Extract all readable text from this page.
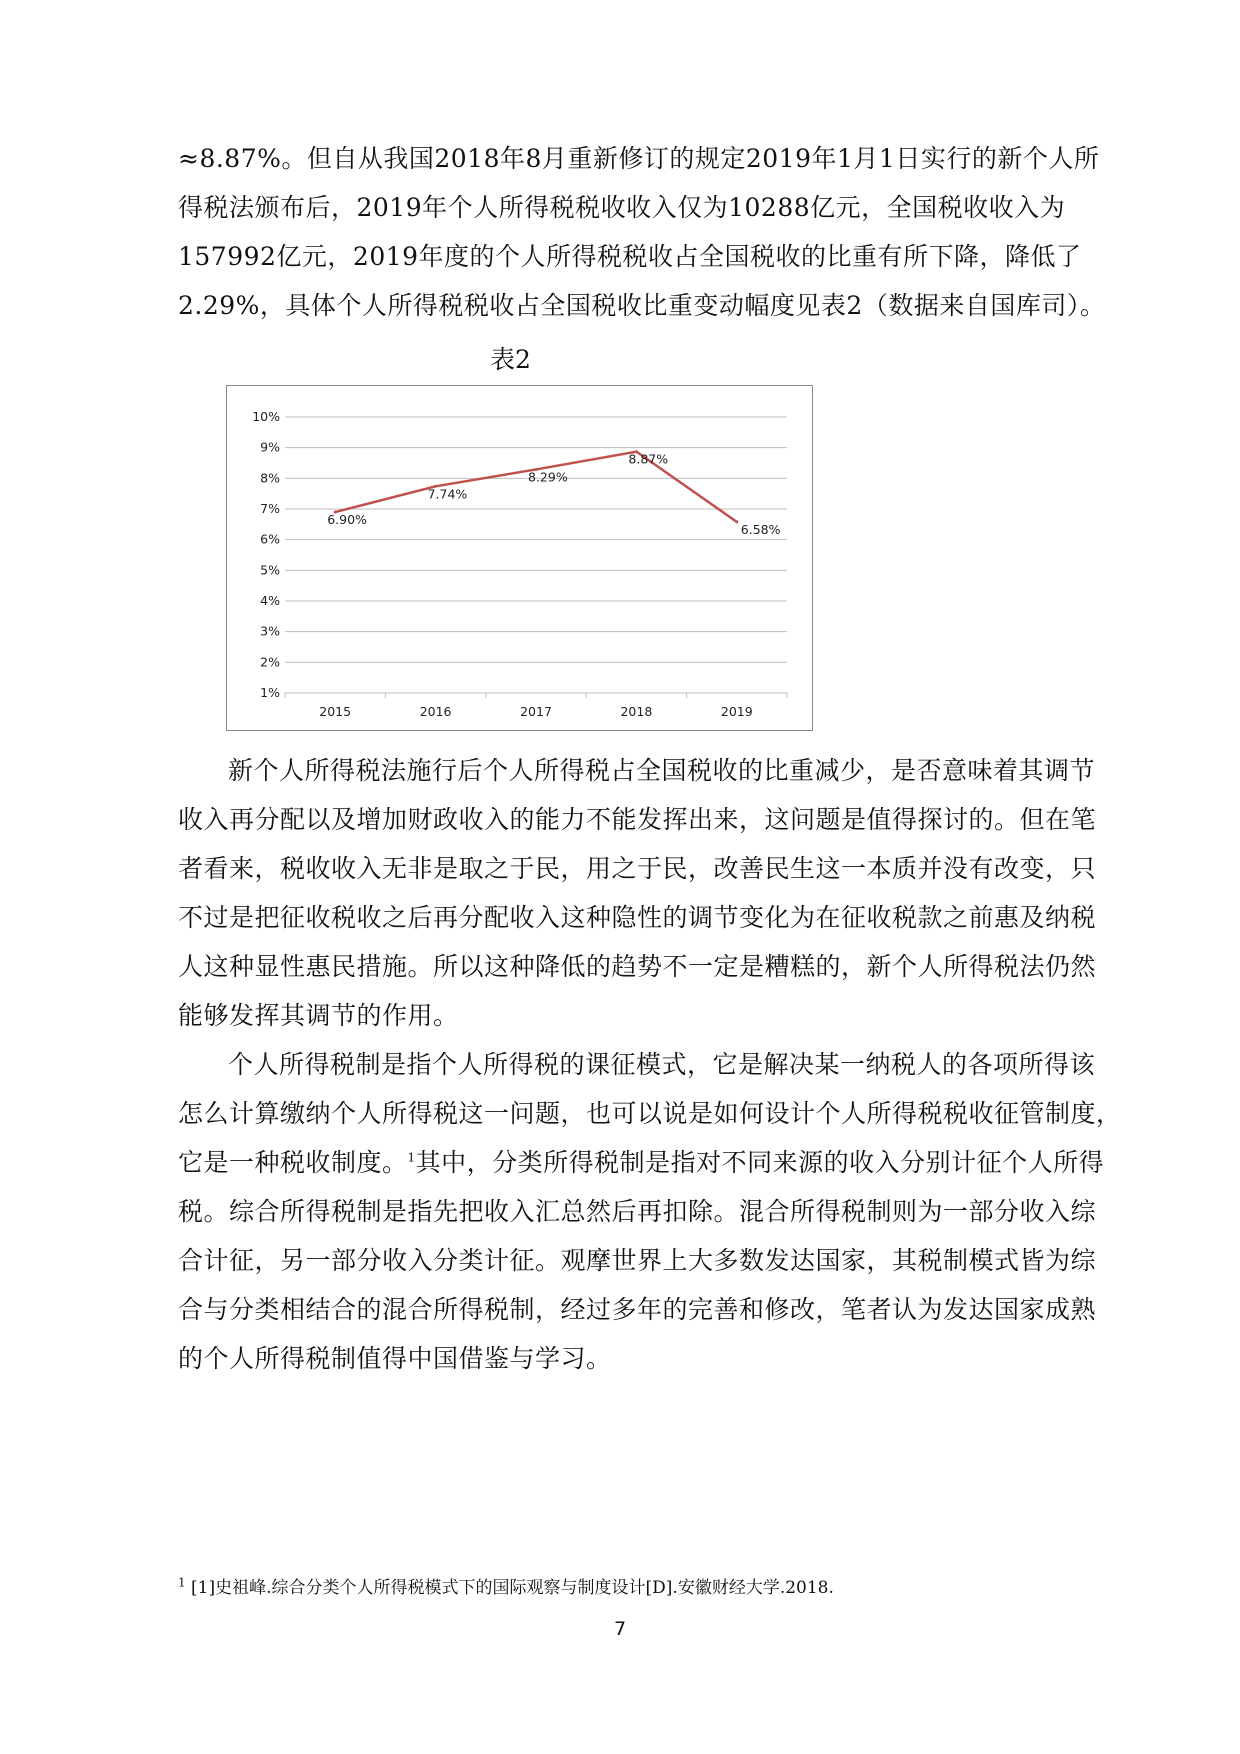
≈8.87%。但自从我国2018年8月重新修订的规定2019年1月1日实行的新个人所
得税法颁布后，2019年个人所得税税收收入仅为10288亿元，全国税收收入为
157992亿元，2019年度的个人所得税税收占全国税收的比重有所下降，降低了
2.29%，具体个人所得税税收占全国税收比重变动幅度见表2（数据来自国库司）。

表2

1%
2%
3%
4%
5%
6%
7%
8%
9%
10%
2015	2016	2017	2018	2019
6.90%
7.74%
8.29%
8.87%
6.58%

新个人所得税法施行后个人所得税占全国税收的比重减少，是否意味着其调节
收入再分配以及增加财政收入的能力不能发挥出来，这问题是值得探讨的。但在笔
者看来，税收收入无非是取之于民，用之于民，改善民生这一本质并没有改变，只
不过是把征收税收之后再分配收入这种隐性的调节变化为在征收税款之前惠及纳税
人这种显性惠民措施。所以这种降低的趋势不一定是糟糕的，新个人所得税法仍然
能够发挥其调节的作用。

个人所得税制是指个人所得税的课征模式，它是解决某一纳税人的各项所得该
怎么计算缴纳个人所得税这一问题，也可以说是如何设计个人所得税税收征管制度，
它是一种税收制度。$^1$其中，分类所得税制是指对不同来源的收入分别计征个人所得
税。综合所得税制是指先把收入汇总然后再扣除。混合所得税制则为一部分收入综
合计征，另一部分收入分类计征。观摩世界上大多数发达国家，其税制模式皆为综
合与分类相结合的混合所得税制，经过多年的完善和修改，笔者认为发达国家成熟
的个人所得税制值得中国借鉴与学习。

$^1$ [1]史祖峰.综合分类个人所得税模式下的国际观察与制度设计[D].安徽财经大学.2018.

7
